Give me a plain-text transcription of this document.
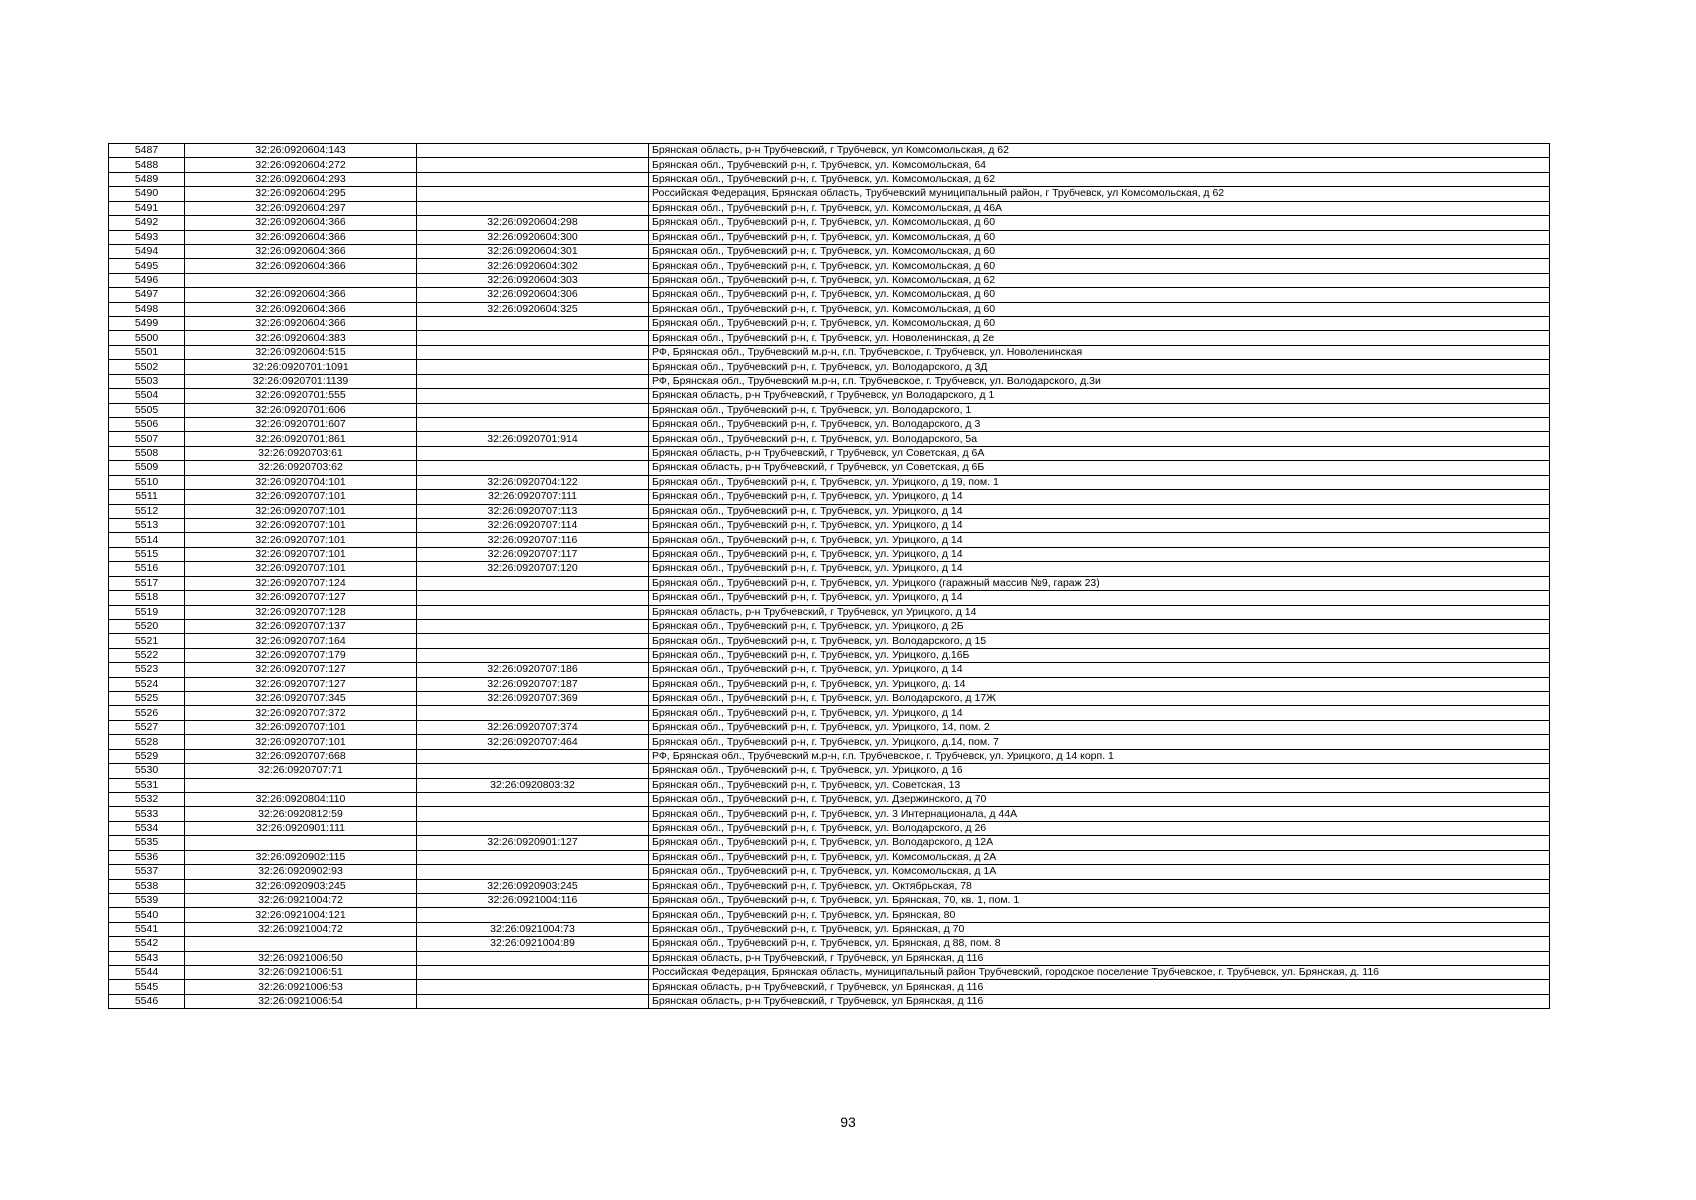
5487	32:26:0920604:143		Брянская область, р-н Трубчевский, г Трубчевск, ул Комсомольская, д 62
5488	32:26:0920604:272		Брянская обл., Трубчевский р-н, г. Трубчевск, ул. Комсомольская, 64
5489	32:26:0920604:293		Брянская обл., Трубчевский р-н, г. Трубчевск, ул. Комсомольская, д 62
5490	32:26:0920604:295		Российская Федерация, Брянская область, Трубчевский муниципальный район, г Трубчевск, ул Комсомольская, д 62
5491	32:26:0920604:297		Брянская обл., Трубчевский р-н, г. Трубчевск, ул. Комсомольская, д 46А
5492	32:26:0920604:366	32:26:0920604:298	Брянская обл., Трубчевский р-н, г. Трубчевск, ул. Комсомольская, д 60
5493	32:26:0920604:366	32:26:0920604:300	Брянская обл., Трубчевский р-н, г. Трубчевск, ул. Комсомольская, д 60
5494	32:26:0920604:366	32:26:0920604:301	Брянская обл., Трубчевский р-н, г. Трубчевск, ул. Комсомольская, д 60
5495	32:26:0920604:366	32:26:0920604:302	Брянская обл., Трубчевский р-н, г. Трубчевск, ул. Комсомольская, д 60
5496		32:26:0920604:303	Брянская обл., Трубчевский р-н, г. Трубчевск, ул. Комсомольская, д 62
5497	32:26:0920604:366	32:26:0920604:306	Брянская обл., Трубчевский р-н, г. Трубчевск, ул. Комсомольская, д 60
5498	32:26:0920604:366	32:26:0920604:325	Брянская обл., Трубчевский р-н, г. Трубчевск, ул. Комсомольская, д 60
5499	32:26:0920604:366		Брянская обл., Трубчевский р-н, г. Трубчевск, ул. Комсомольская, д 60
5500	32:26:0920604:383		Брянская обл., Трубчевский р-н, г. Трубчевск, ул. Новоленинская, д 2е
5501	32:26:0920604:515		РФ, Брянская обл., Трубчевский м.р-н, г.п. Трубчевское, г. Трубчевск, ул. Новоленинская
5502	32:26:0920701:1091		Брянская обл., Трубчевский р-н, г. Трубчевск, ул. Володарского, д 3Д
5503	32:26:0920701:1139		РФ, Брянская обл., Трубчевский м.р-н, г.п. Трубчевское, г. Трубчевск, ул. Володарского, д.3и
5504	32:26:0920701:555		Брянская область, р-н Трубчевский, г Трубчевск, ул Володарского, д 1
5505	32:26:0920701:606		Брянская обл., Трубчевский р-н, г. Трубчевск, ул. Володарского, 1
5506	32:26:0920701:607		Брянская обл., Трубчевский р-н, г. Трубчевск, ул. Володарского, д 3
5507	32:26:0920701:861	32:26:0920701:914	Брянская обл., Трубчевский р-н, г. Трубчевск, ул. Володарского, 5а
5508	32:26:0920703:61		Брянская область, р-н Трубчевский, г Трубчевск, ул Советская, д 6А
5509	32:26:0920703:62		Брянская область, р-н Трубчевский, г Трубчевск, ул Советская, д 6Б
5510	32:26:0920704:101	32:26:0920704:122	Брянская обл., Трубчевский р-н, г. Трубчевск, ул. Урицкого, д 19, пом. 1
5511	32:26:0920707:101	32:26:0920707:111	Брянская обл., Трубчевский р-н, г. Трубчевск, ул. Урицкого, д 14
5512	32:26:0920707:101	32:26:0920707:113	Брянская обл., Трубчевский р-н, г. Трубчевск, ул. Урицкого, д 14
5513	32:26:0920707:101	32:26:0920707:114	Брянская обл., Трубчевский р-н, г. Трубчевск, ул. Урицкого, д 14
5514	32:26:0920707:101	32:26:0920707:116	Брянская обл., Трубчевский р-н, г. Трубчевск, ул. Урицкого, д 14
5515	32:26:0920707:101	32:26:0920707:117	Брянская обл., Трубчевский р-н, г. Трубчевск, ул. Урицкого, д 14
5516	32:26:0920707:101	32:26:0920707:120	Брянская обл., Трубчевский р-н, г. Трубчевск, ул. Урицкого, д 14
5517	32:26:0920707:124		Брянская обл., Трубчевский р-н, г. Трубчевск, ул. Урицкого (гаражный массив №9, гараж 23)
5518	32:26:0920707:127		Брянская обл., Трубчевский р-н, г. Трубчевск, ул. Урицкого, д 14
5519	32:26:0920707:128		Брянская область, р-н Трубчевский, г Трубчевск, ул Урицкого, д 14
5520	32:26:0920707:137		Брянская обл., Трубчевский р-н, г. Трубчевск, ул. Урицкого, д 2Б
5521	32:26:0920707:164		Брянская обл., Трубчевский р-н, г. Трубчевск, ул. Володарского, д 15
5522	32:26:0920707:179		Брянская обл., Трубчевский р-н, г. Трубчевск, ул. Урицкого, д.16Б
5523	32:26:0920707:127	32:26:0920707:186	Брянская обл., Трубчевский р-н, г. Трубчевск, ул. Урицкого, д 14
5524	32:26:0920707:127	32:26:0920707:187	Брянская обл., Трубчевский р-н, г. Трубчевск, ул. Урицкого, д. 14
5525	32:26:0920707:345	32:26:0920707:369	Брянская обл., Трубчевский р-н, г. Трубчевск, ул. Володарского, д 17Ж
5526	32:26:0920707:372		Брянская обл., Трубчевский р-н, г. Трубчевск, ул. Урицкого, д 14
5527	32:26:0920707:101	32:26:0920707:374	Брянская обл., Трубчевский р-н, г. Трубчевск, ул. Урицкого, 14, пом. 2
5528	32:26:0920707:101	32:26:0920707:464	Брянская обл., Трубчевский р-н, г. Трубчевск, ул. Урицкого, д.14, пом. 7
5529	32:26:0920707:668		РФ, Брянская обл., Трубчевский м.р-н, г.п. Трубчевское, г. Трубчевск, ул. Урицкого, д 14 корп. 1
5530	32:26:0920707:71		Брянская обл., Трубчевский р-н, г. Трубчевск, ул. Урицкого, д 16
5531		32:26:0920803:32	Брянская обл., Трубчевский р-н, г. Трубчевск, ул. Советская, 13
5532	32:26:0920804:110		Брянская обл., Трубчевский р-н, г. Трубчевск, ул. Дзержинского, д 70
5533	32:26:0920812:59		Брянская обл., Трубчевский р-н, г. Трубчевск, ул. 3 Интернационала, д 44А
5534	32:26:0920901:111		Брянская обл., Трубчевский р-н, г. Трубчевск, ул. Володарского, д 26
5535		32:26:0920901:127	Брянская обл., Трубчевский р-н, г. Трубчевск, ул. Володарского, д 12А
5536	32:26:0920902:115		Брянская обл., Трубчевский р-н, г. Трубчевск, ул. Комсомольская, д 2А
5537	32:26:0920902:93		Брянская обл., Трубчевский р-н, г. Трубчевск, ул. Комсомольская, д 1А
5538	32:26:0920903:245	32:26:0920903:245	Брянская обл., Трубчевский р-н, г. Трубчевск, ул. Октябрьская, 78
5539	32:26:0921004:72	32:26:0921004:116	Брянская обл., Трубчевский р-н, г. Трубчевск, ул. Брянская, 70, кв. 1, пом. 1
5540	32:26:0921004:121		Брянская обл., Трубчевский р-н, г. Трубчевск, ул. Брянская, 80
5541	32:26:0921004:72	32:26:0921004:73	Брянская обл., Трубчевский р-н, г. Трубчевск, ул. Брянская, д 70
5542		32:26:0921004:89	Брянская обл., Трубчевский р-н, г. Трубчевск, ул. Брянская, д 88, пом. 8
5543	32:26:0921006:50		Брянская область, р-н Трубчевский, г Трубчевск, ул Брянская, д 116
5544	32:26:0921006:51		Российская Федерация, Брянская область, муниципальный район Трубчевский, городское поселение Трубчевское, г. Трубчевск, ул. Брянская, д. 116
5545	32:26:0921006:53		Брянская область, р-н Трубчевский, г Трубчевск, ул Брянская, д 116
5546	32:26:0921006:54		Брянская область, р-н Трубчевский, г Трубчевск, ул Брянская, д 116
93
